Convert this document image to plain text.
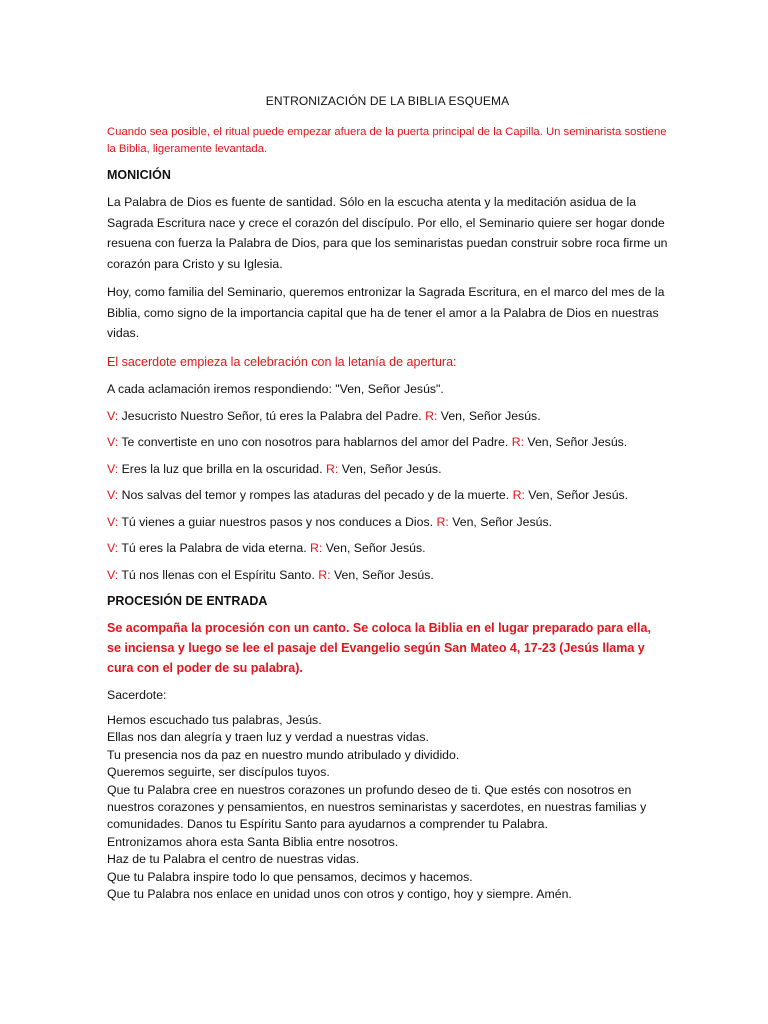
ENTRONIZACIÓN DE LA BIBLIA ESQUEMA

Cuando sea posible, el ritual puede empezar afuera de la puerta principal de la Capilla. Un seminarista sostiene la Biblia, ligeramente levantada.

MONICIÓN

La Palabra de Dios es fuente de santidad. Sólo en la escucha atenta y la meditación asidua de la Sagrada Escritura nace y crece el corazón del discípulo. Por ello, el Seminario quiere ser hogar donde resuena con fuerza la Palabra de Dios, para que los seminaristas puedan construir sobre roca firme un corazón para Cristo y su Iglesia.

Hoy, como familia del Seminario, queremos entronizar la Sagrada Escritura, en el marco del mes de la Biblia, como signo de la importancia capital que ha de tener el amor a la Palabra de Dios en nuestras vidas.

El sacerdote empieza la celebración con la letanía de apertura:

A cada aclamación iremos respondiendo: "Ven, Señor Jesús".

V: Jesucristo Nuestro Señor, tú eres la Palabra del Padre. R: Ven, Señor Jesús.

V: Te convertiste en uno con nosotros para hablarnos del amor del Padre. R: Ven, Señor Jesús.

V: Eres la luz que brilla en la oscuridad. R: Ven, Señor Jesús.

V: Nos salvas del temor y rompes las ataduras del pecado y de la muerte. R: Ven, Señor Jesús.

V: Tú vienes a guiar nuestros pasos y nos conduces a Dios. R: Ven, Señor Jesús.

V: Tú eres la Palabra de vida eterna. R: Ven, Señor Jesús.

V: Tú nos llenas con el Espíritu Santo. R: Ven, Señor Jesús.

PROCESIÓN DE ENTRADA

Se acompaña la procesión con un canto. Se coloca la Biblia en el lugar preparado para ella, se inciensa y luego se lee el pasaje del Evangelio según San Mateo 4, 17-23 (Jesús llama y cura con el poder de su palabra).

Sacerdote:

Hemos escuchado tus palabras, Jesús.
Ellas nos dan alegría y traen luz y verdad a nuestras vidas.
Tu presencia nos da paz en nuestro mundo atribulado y dividido.
Queremos seguirte, ser discípulos tuyos.
Que tu Palabra cree en nuestros corazones un profundo deseo de ti. Que estés con nosotros en nuestros corazones y pensamientos, en nuestros seminaristas y sacerdotes, en nuestras familias y comunidades. Danos tu Espíritu Santo para ayudarnos a comprender tu Palabra.
Entronizamos ahora esta Santa Biblia entre nosotros.
Haz de tu Palabra el centro de nuestras vidas.
Que tu Palabra inspire todo lo que pensamos, decimos y hacemos.
Que tu Palabra nos enlace en unidad unos con otros y contigo, hoy y siempre. Amén.
